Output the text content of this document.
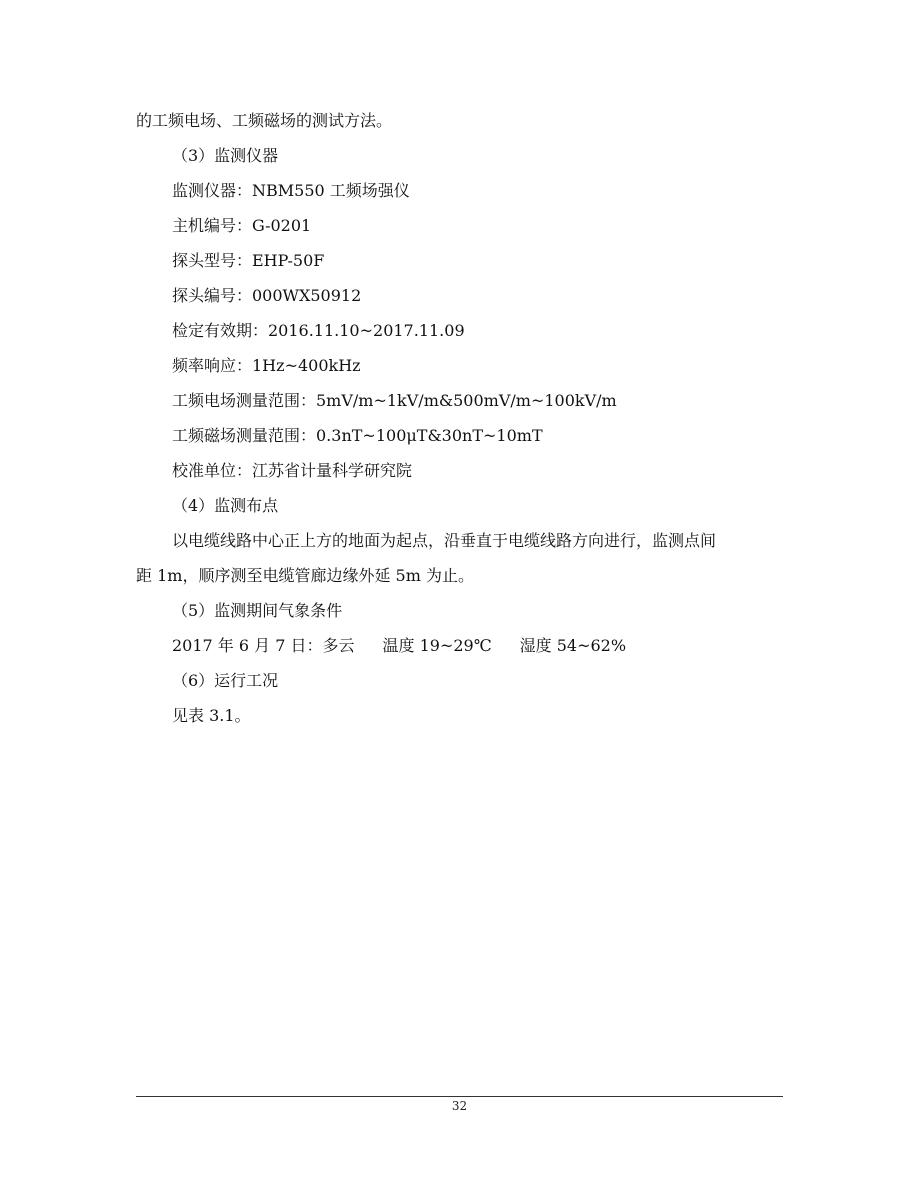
的工频电场、工频磁场的测试方法。

（3）监测仪器

监测仪器：NBM550 工频场强仪

主机编号：G-0201

探头型号：EHP-50F

探头编号：000WX50912

检定有效期：2016.11.10~2017.11.09

频率响应：1Hz~400kHz

工频电场测量范围：5mV/m~1kV/m&500mV/m~100kV/m

工频磁场测量范围：0.3nT~100μT&30nT~10mT

校准单位：江苏省计量科学研究院

（4）监测布点

以电缆线路中心正上方的地面为起点，沿垂直于电缆线路方向进行，监测点间

距 1m，顺序测至电缆管廊边缘外延 5m 为止。

（5）监测期间气象条件

2017 年 6 月 7 日：多云 温度 19~29℃ 湿度 54~62%

（6）运行工况

见表 3.1。

32
